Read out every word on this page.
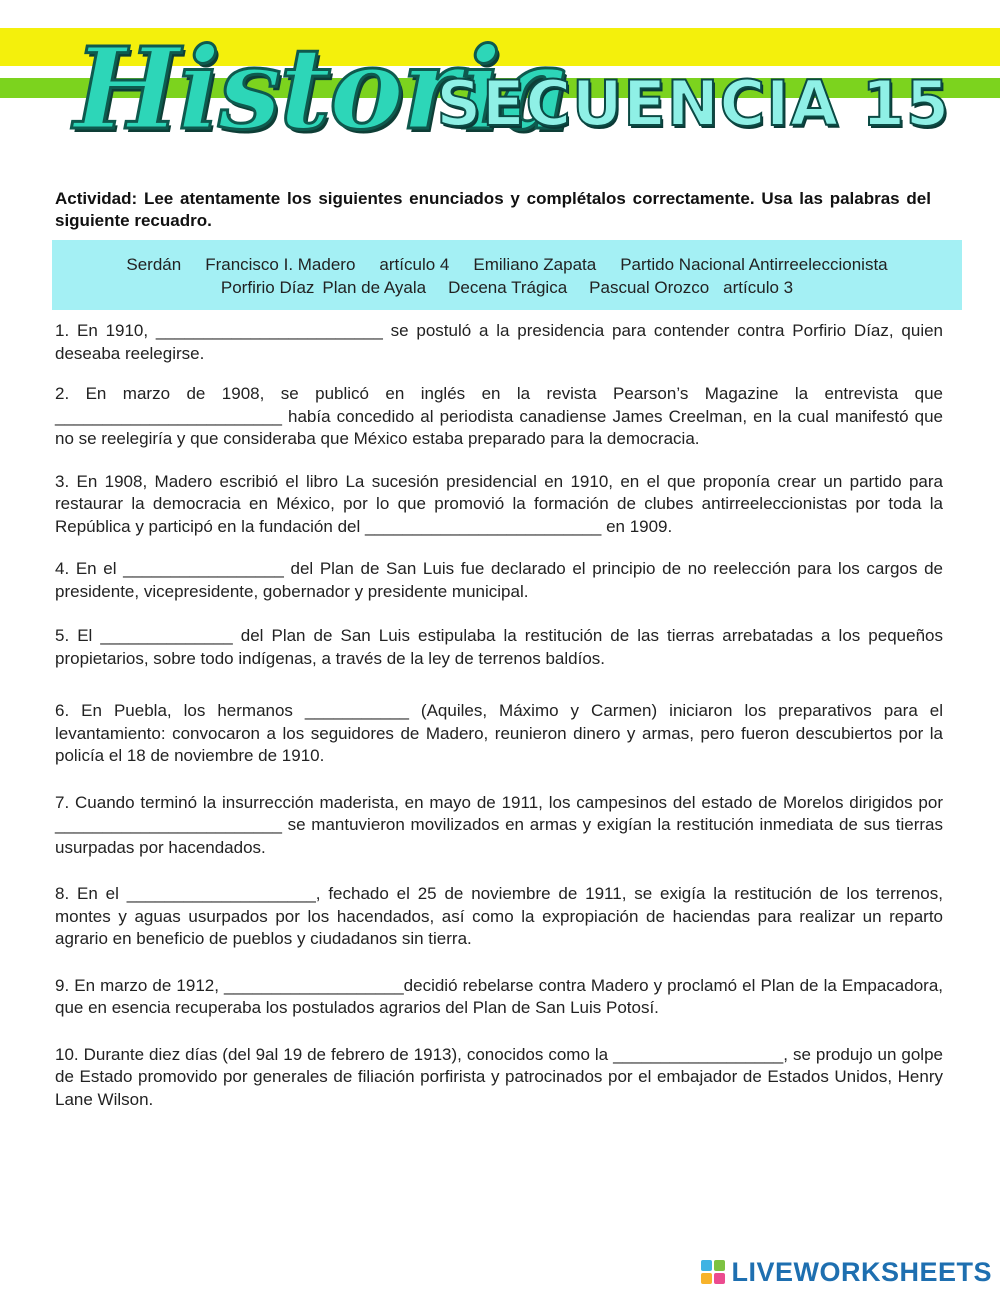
Historia
SECUENCIA 15
Actividad: Lee atentamente los siguientes enunciados y complétalos correctamente. Usa las palabras del siguiente recuadro.
Serdán Francisco I. Madero artículo 4 Emiliano Zapata Partido Nacional Antirreeleccionista
Porfirio Díaz Plan de Ayala Decena Trágica Pascual Orozco artículo 3

1. En 1910, ________________________ se postuló a la presidencia para contender contra Porfirio Díaz, quien deseaba reelegirse.

2. En marzo de 1908, se publicó en inglés en la revista Pearson’s Magazine la entrevista que ________________________ había concedido al periodista canadiense James Creelman, en la cual manifestó que no se reelegiría y que consideraba que México estaba preparado para la democracia.

3. En 1908, Madero escribió el libro La sucesión presidencial en 1910, en el que proponía crear un partido para restaurar la democracia en México, por lo que promovió la formación de clubes antirreeleccionistas por toda la República y participó en la fundación del _________________________ en 1909.

4. En el _________________ del Plan de San Luis fue declarado el principio de no reelección para los cargos de presidente, vicepresidente, gobernador y presidente municipal.

5. El ______________ del Plan de San Luis estipulaba la restitución de las tierras arrebatadas a los pequeños propietarios, sobre todo indígenas, a través de la ley de terrenos baldíos.

6. En Puebla, los hermanos ___________ (Aquiles, Máximo y Carmen) iniciaron los preparativos para el levantamiento: convocaron a los seguidores de Madero, reunieron dinero y armas, pero fueron descubiertos por la policía el 18 de noviembre de 1910.

7. Cuando terminó la insurrección maderista, en mayo de 1911, los campesinos del estado de Morelos dirigidos por ________________________ se mantuvieron movilizados en armas y exigían la restitución inmediata de sus tierras usurpadas por hacendados.

8. En el ____________________, fechado el 25 de noviembre de 1911, se exigía la restitución de los terrenos, montes y aguas usurpados por los hacendados, así como la expropiación de haciendas para realizar un reparto agrario en beneficio de pueblos y ciudadanos sin tierra.

9. En marzo de 1912, ___________________decidió rebelarse contra Madero y proclamó el Plan de la Empacadora, que en esencia recuperaba los postulados agrarios del Plan de San Luis Potosí.

10. Durante diez días (del 9al 19 de febrero de 1913), conocidos como la __________________, se produjo un golpe de Estado promovido por generales de filiación porfirista y patrocinados por el embajador de Estados Unidos, Henry Lane Wilson.

LIVEWORKSHEETS
